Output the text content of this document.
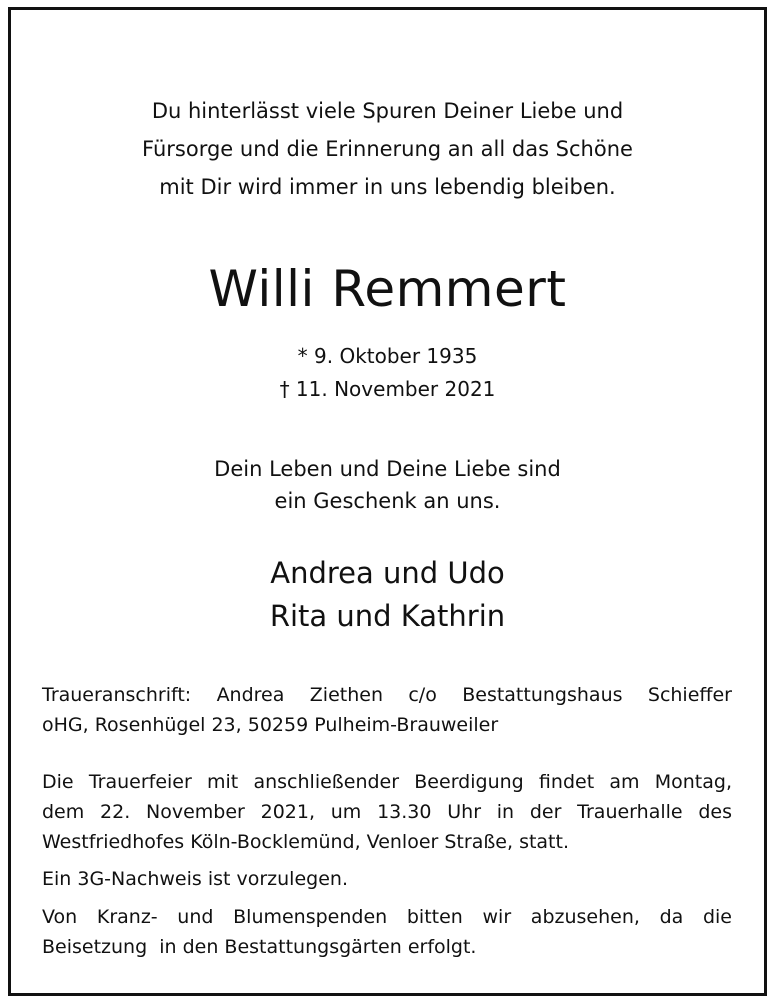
Du hinterlässt viele Spuren Deiner Liebe und
Fürsorge und die Erinnerung an all das Schöne
mit Dir wird immer in uns lebendig bleiben.
Willi Remmert
* 9. Oktober 1935
† 11. November 2021
Dein Leben und Deine Liebe sind
ein Geschenk an uns.
Andrea und Udo
Rita und Kathrin
Traueranschrift: Andrea Ziethen c/o Bestattungshaus Schieffer
oHG, Rosenhügel 23, 50259 Pulheim-Brauweiler
Die Trauerfeier mit anschließender Beerdigung findet am Montag,
dem 22. November 2021, um 13.30 Uhr in der Trauerhalle des
Westfriedhofes Köln-Bocklemünd, Venloer Straße, statt.
Ein 3G-Nachweis ist vorzulegen.
Von Kranz- und Blumenspenden bitten wir abzusehen, da die
Beisetzung  in den Bestattungsgärten erfolgt.
